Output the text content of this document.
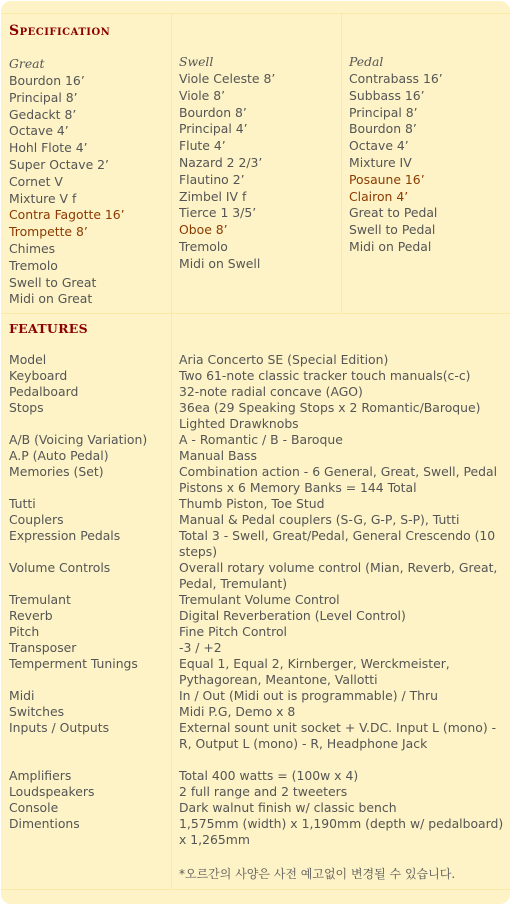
Specification
Great
Bourdon 16’
Principal 8’
Gedackt 8’
Octave 4’
Hohl Flote 4’
Super Octave 2’
Cornet V
Mixture V f
Contra Fagotte 16’
Trompette 8’
Chimes
Tremolo
Swell to Great
Midi on Great
Swell
Viole Celeste 8’
Viole 8’
Bourdon 8’
Principal 4’
Flute 4’
Nazard 2 2/3’
Flautino 2’
Zimbel IV f
Tierce 1 3/5’
Oboe 8’
Tremolo
Midi on Swell
Pedal
Contrabass 16’
Subbass 16’
Principal 8’
Bourdon 8’
Octave 4’
Mixture IV
Posaune 16’
Clairon 4’
Great to Pedal
Swell to Pedal
Midi on Pedal
FEATURES
Model	Aria Concerto SE (Special Edition)
Keyboard	Two 61-note classic tracker touch manuals(c-c)
Pedalboard	32-note radial concave (AGO)
Stops	36ea (29 Speaking Stops x 2 Romantic/Baroque) Lighted Drawknobs
A/B (Voicing Variation)	A - Romantic / B - Baroque
A.P (Auto Pedal)	Manual Bass
Memories (Set)	Combination action - 6 General, Great, Swell, Pedal Pistons x 6 Memory Banks = 144 Total
Tutti	Thumb Piston, Toe Stud
Couplers	Manual & Pedal couplers (S-G, G-P, S-P), Tutti
Expression Pedals	Total 3 - Swell, Great/Pedal, General Crescendo (10 steps)
Volume Controls	Overall rotary volume control (Mian, Reverb, Great, Pedal, Tremulant)
Tremulant	Tremulant Volume Control
Reverb	Digital Reverberation (Level Control)
Pitch	Fine Pitch Control
Transposer	-3 / +2
Temperment Tunings	Equal 1, Equal 2, Kirnberger, Werckmeister, Pythagorean, Meantone, Vallotti
Midi	In / Out (Midi out is programmable) / Thru
Switches	Midi P.G, Demo x 8
Inputs / Outputs	External sount unit socket + V.DC. Input L (mono) - R, Output L (mono) - R, Headphone Jack
Amplifiers	Total 400 watts = (100w x 4)
Loudspeakers	2 full range and 2 tweeters
Console	Dark walnut finish w/ classic bench
Dimentions	1,575mm (width) x 1,190mm (depth w/ pedalboard) x 1,265mm
*오르간의 사양은 사전 예고없이 변경될 수 있습니다.
